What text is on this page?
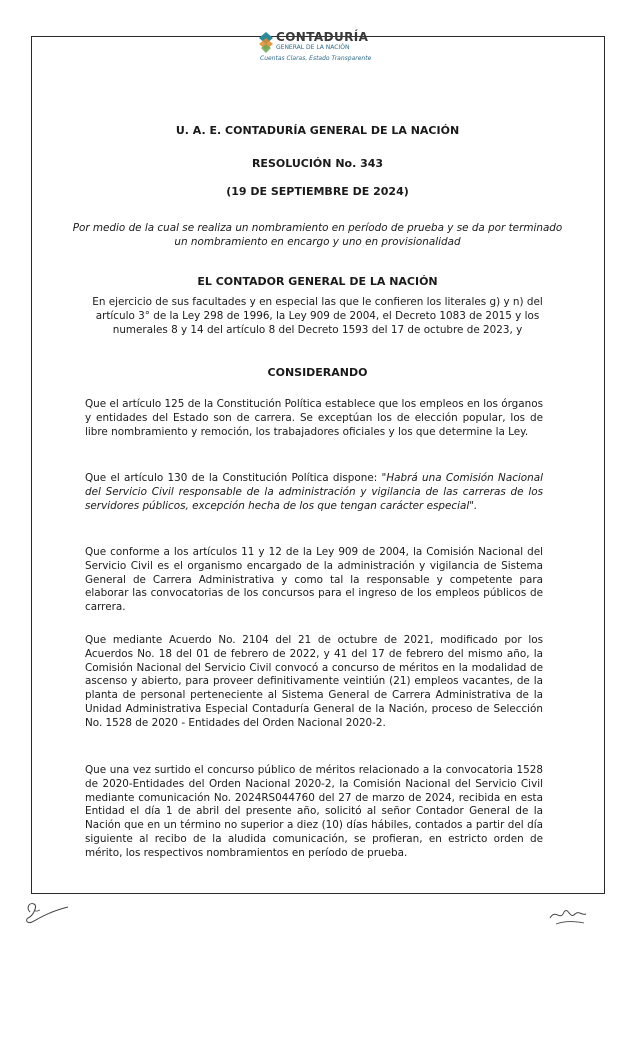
CONTADURÍA
GENERAL DE LA NACIÓN
Cuentas Claras, Estado Transparente
U. A. E. CONTADURÍA GENERAL DE LA NACIÓN
RESOLUCIÓN No. 343
(19 DE SEPTIEMBRE DE 2024)
Por medio de la cual se realiza un nombramiento en período de prueba y se da por terminado un nombramiento en encargo y uno en provisionalidad
EL CONTADOR GENERAL DE LA NACIÓN
En ejercicio de sus facultades y en especial las que le confieren los literales g) y n) del artículo 3° de la Ley 298 de 1996, la Ley 909 de 2004, el Decreto 1083 de 2015 y los numerales 8 y 14 del artículo 8 del Decreto 1593 del 17 de octubre de 2023, y
CONSIDERANDO
Que el artículo 125 de la Constitución Política establece que los empleos en los órganos y entidades del Estado son de carrera. Se exceptúan los de elección popular, los de libre nombramiento y remoción, los trabajadores oficiales y los que determine la Ley.
Que el artículo 130 de la Constitución Política dispone: "Habrá una Comisión Nacional del Servicio Civil responsable de la administración y vigilancia de las carreras de los servidores públicos, excepción hecha de los que tengan carácter especial".
Que conforme a los artículos 11 y 12 de la Ley 909 de 2004, la Comisión Nacional del Servicio Civil es el organismo encargado de la administración y vigilancia de Sistema General de Carrera Administrativa y como tal la responsable y competente para elaborar las convocatorias de los concursos para el ingreso de los empleos públicos de carrera.
Que mediante Acuerdo No. 2104 del 21 de octubre de 2021, modificado por los Acuerdos No. 18 del 01 de febrero de 2022, y 41 del 17 de febrero del mismo año, la Comisión Nacional del Servicio Civil convocó a concurso de méritos en la modalidad de ascenso y abierto, para proveer definitivamente veintiún (21) empleos vacantes, de la planta de personal perteneciente al Sistema General de Carrera Administrativa de la Unidad Administrativa Especial Contaduría General de la Nación, proceso de Selección No. 1528 de 2020 - Entidades del Orden Nacional 2020-2.
Que una vez surtido el concurso público de méritos relacionado a la convocatoria 1528 de 2020-Entidades del Orden Nacional 2020-2, la Comisión Nacional del Servicio Civil mediante comunicación No. 2024RS044760 del 27 de marzo de 2024, recibida en esta Entidad el día 1 de abril del presente año, solicitó al señor Contador General de la Nación que en un término no superior a diez (10) días hábiles, contados a partir del día siguiente al recibo de la aludida comunicación, se profieran, en estricto orden de mérito, los respectivos nombramientos en período de prueba.
